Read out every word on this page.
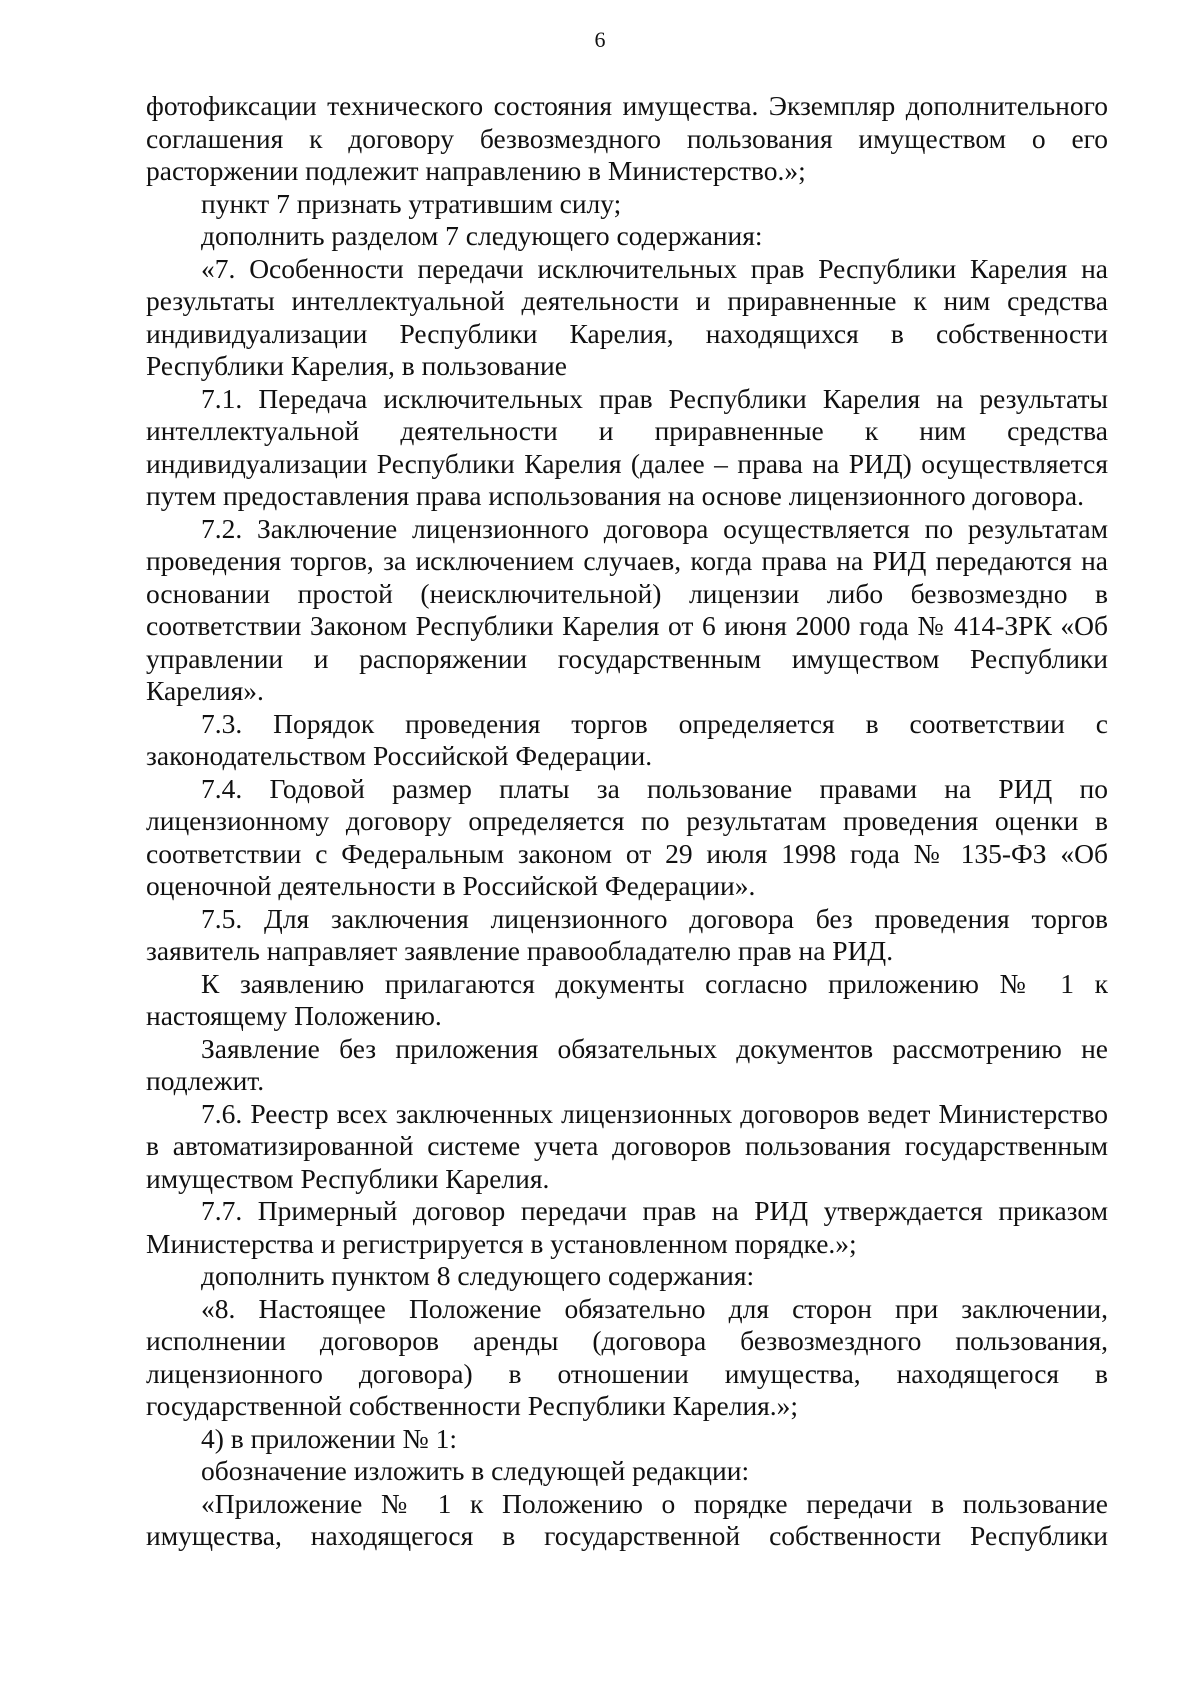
6

фотофиксации технического состояния имущества. Экземпляр дополнительного соглашения к договору безвозмездного пользования имуществом о его расторжении подлежит направлению в Министерство.»;

пункт 7 признать утратившим силу;

дополнить разделом 7 следующего содержания:

«7. Особенности передачи исключительных прав Республики Карелия на результаты интеллектуальной деятельности и приравненные к ним средства индивидуализации Республики Карелия, находящихся в собственности Республики Карелия, в пользование

7.1. Передача исключительных прав Республики Карелия на результаты интеллектуальной деятельности и приравненные к ним средства индивидуализации Республики Карелия (далее – права на РИД) осуществляется путем предоставления права использования на основе лицензионного договора.

7.2. Заключение лицензионного договора осуществляется по результатам проведения торгов, за исключением случаев, когда права на РИД передаются на основании простой (неисключительной) лицензии либо безвозмездно в соответствии Законом Республики Карелия от 6 июня 2000 года № 414-ЗРК «Об управлении и распоряжении государственным имуществом Республики Карелия».

7.3. Порядок проведения торгов определяется в соответствии с законодательством Российской Федерации.

7.4. Годовой размер платы за пользование правами на РИД по лицензионному договору определяется по результатам проведения оценки в соответствии с Федеральным законом от 29 июля 1998 года № 135-ФЗ «Об оценочной деятельности в Российской Федерации».

7.5. Для заключения лицензионного договора без проведения торгов заявитель направляет заявление правообладателю прав на РИД.

К заявлению прилагаются документы согласно приложению № 1 к настоящему Положению.

Заявление без приложения обязательных документов рассмотрению не подлежит.

7.6. Реестр всех заключенных лицензионных договоров ведет Министерство в автоматизированной системе учета договоров пользования государственным имуществом Республики Карелия.

7.7. Примерный договор передачи прав на РИД утверждается приказом Министерства и регистрируется в установленном порядке.»;

дополнить пунктом 8 следующего содержания:

«8. Настоящее Положение обязательно для сторон при заключении, исполнении договоров аренды (договора безвозмездного пользования, лицензионного договора) в отношении имущества, находящегося в государственной собственности Республики Карелия.»;

4) в приложении № 1:

обозначение изложить в следующей редакции:

«Приложение № 1 к Положению о порядке передачи в пользование имущества, находящегося в государственной собственности Республики
